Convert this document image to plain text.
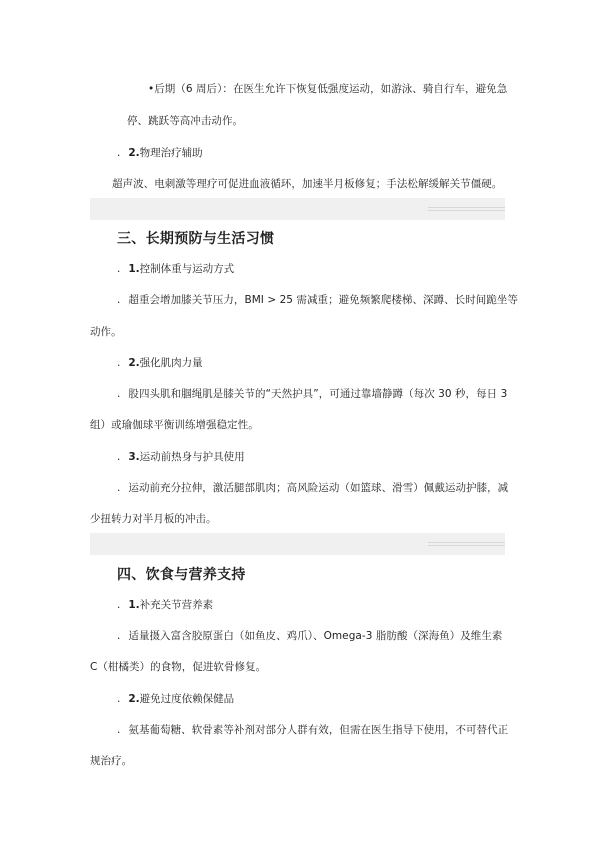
•后期（6 周后）：在医生允许下恢复低强度运动，如游泳、骑自行车，避免急
停、跳跃等高冲击动作。
. 2.物理治疗辅助
超声波、电刺激等理疗可促进血液循环，加速半月板修复；手法松解缓解关节僵硬。
三、长期预防与生活习惯
. 1.控制体重与运动方式
. 超重会增加膝关节压力，BMI > 25 需减重；避免频繁爬楼梯、深蹲、长时间跪坐等
动作。
. 2.强化肌肉力量
. 股四头肌和腘绳肌是膝关节的“天然护具”，可通过靠墙静蹲（每次 30 秒，每日 3
组）或瑜伽球平衡训练增强稳定性。
. 3.运动前热身与护具使用
. 运动前充分拉伸，激活腿部肌肉；高风险运动（如篮球、滑雪）佩戴运动护膝，减
少扭转力对半月板的冲击。
四、饮食与营养支持
. 1.补充关节营养素
. 适量摄入富含胶原蛋白（如鱼皮、鸡爪）、Omega-3 脂肪酸（深海鱼）及维生素
C（柑橘类）的食物，促进软骨修复。
. 2.避免过度依赖保健品
. 氨基葡萄糖、软骨素等补剂对部分人群有效，但需在医生指导下使用，不可替代正
规治疗。
